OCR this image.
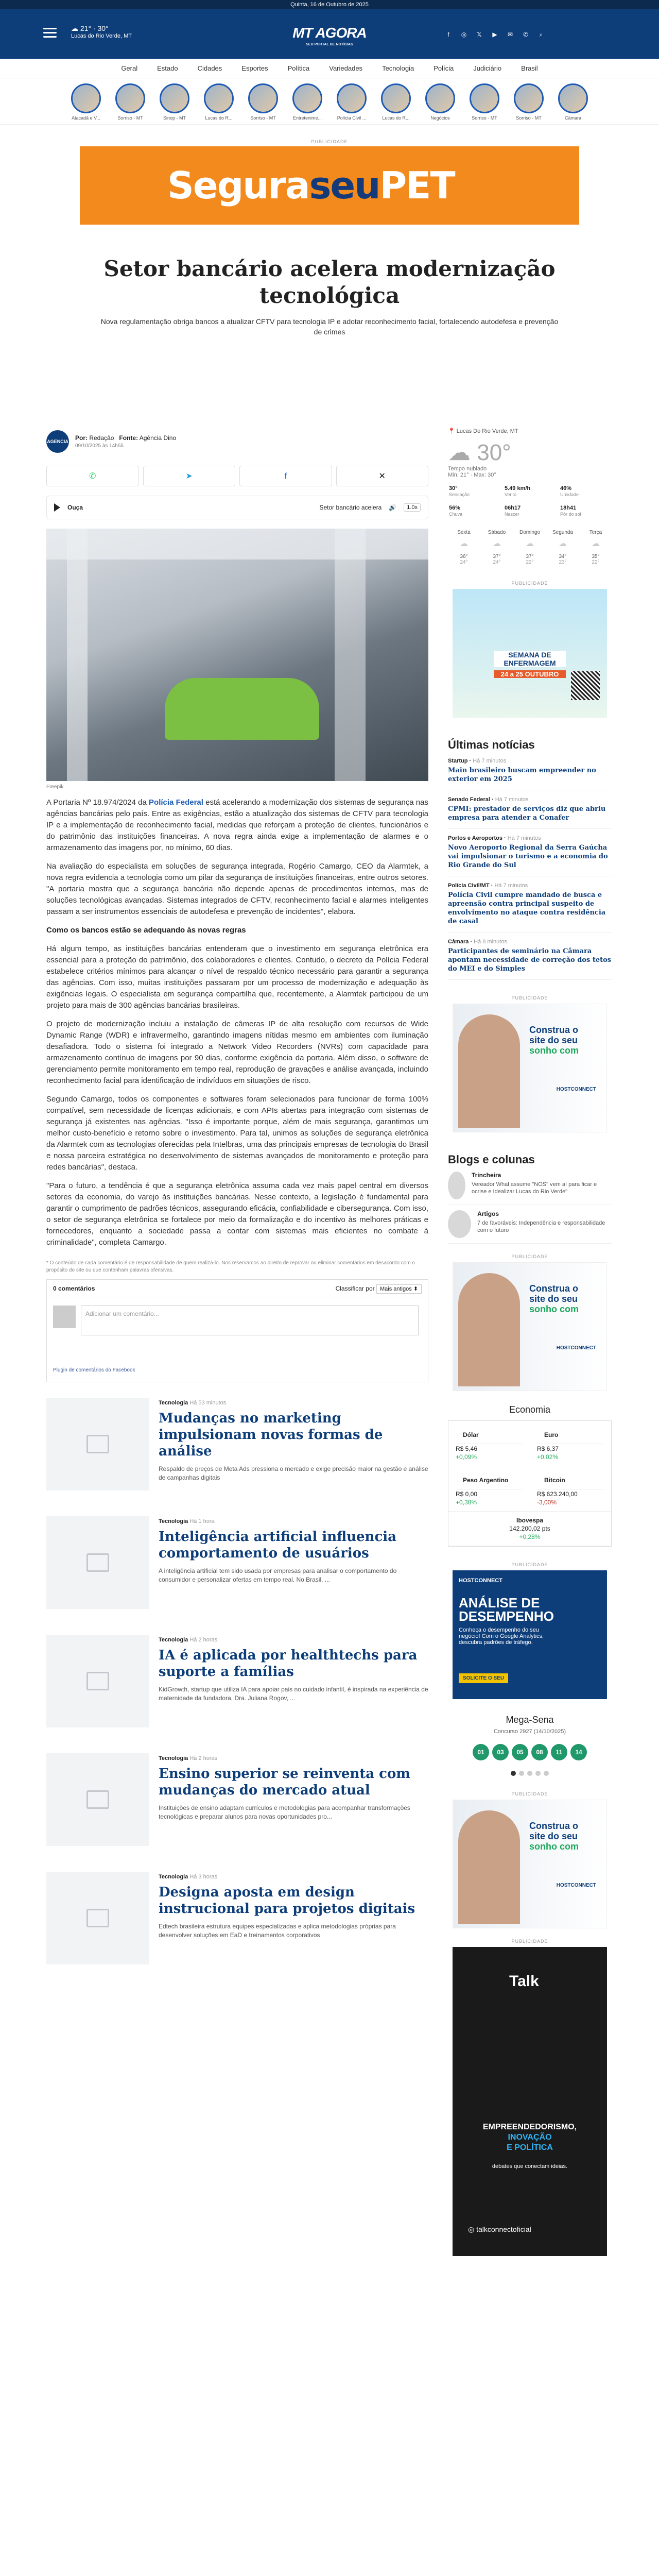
Quinta, 16 de Outubro de 2025
☁ 21° · 30°
Lucas do Rio Verde, MT	MT AGORA
SEU PORTAL DE NOTÍCIAS
f	◎	𝕏	▶	✉	✆	⌕
Geral	Estado	Cidades	Esportes	Política	Variedades	Tecnologia	Polícia	Judiciário	Brasil
Atacadã e V...	Sorriso - MT	Sinop - MT	Lucas do R...	Sorriso - MT	Entretenime...	Polícia Civil ...	Lucas do R...	Negócios	Sorriso - MT	Sorriso - MT	Câmara
PUBLICIDADE
SeguraseuPET
Setor bancário acelera modernização tecnológica

Nova regulamentação obriga bancos a atualizar CFTV para tecnologia IP e adotar reconhecimento facial, fortalecendo autodefesa e prevenção de crimes

AGENCIA Por: Redação Fonte: Agência Dino
09/10/2025 às 14h55
✆	➤	f	✕
Ouça	Setor bancário acelera 🔊	1.0x
Freepik

A Portaria Nº 18.974/2024 da Polícia Federal está acelerando a modernização dos sistemas de segurança nas agências bancárias pelo país. Entre as exigências, estão a atualização dos sistemas de CFTV para tecnologia IP e a implementação de reconhecimento facial, medidas que reforçam a proteção de clientes, funcionários e do patrimônio das instituições financeiras. A nova regra ainda exige a implementação de alarmes e o armazenamento das imagens por, no mínimo, 60 dias.

Na avaliação do especialista em soluções de segurança integrada, Rogério Camargo, CEO da Alarmtek, a nova regra evidencia a tecnologia como um pilar da segurança de instituições financeiras, entre outros setores. "A portaria mostra que a segurança bancária não depende apenas de procedimentos internos, mas de soluções tecnológicas avançadas. Sistemas integrados de CFTV, reconhecimento facial e alarmes inteligentes passam a ser instrumentos essenciais de autodefesa e prevenção de incidentes", elabora.

Como os bancos estão se adequando às novas regras

Há algum tempo, as instituições bancárias entenderam que o investimento em segurança eletrônica era essencial para a proteção do patrimônio, dos colaboradores e clientes. Contudo, o decreto da Polícia Federal estabelece critérios mínimos para alcançar o nível de respaldo técnico necessário para garantir a segurança das agências. Com isso, muitas instituições passaram por um processo de modernização e adequação às exigências legais. O especialista em segurança compartilha que, recentemente, a Alarmtek participou de um projeto para mais de 300 agências bancárias brasileiras.

O projeto de modernização incluiu a instalação de câmeras IP de alta resolução com recursos de Wide Dynamic Range (WDR) e infravermelho, garantindo imagens nítidas mesmo em ambientes com iluminação desafiadora. Todo o sistema foi integrado a Network Video Recorders (NVRs) com capacidade para armazenamento contínuo de imagens por 90 dias, conforme exigência da portaria. Além disso, o software de gerenciamento permite monitoramento em tempo real, reprodução de gravações e análise avançada, incluindo reconhecimento facial para identificação de indivíduos em situações de risco.

Segundo Camargo, todos os componentes e softwares foram selecionados para funcionar de forma 100% compatível, sem necessidade de licenças adicionais, e com APIs abertas para integração com sistemas de segurança já existentes nas agências. "Isso é importante porque, além de mais segurança, garantimos um melhor custo-benefício e retorno sobre o investimento. Para tal, unimos as soluções de segurança eletrônica da Alarmtek com as tecnologias oferecidas pela Intelbras, uma das principais empresas de tecnologia do Brasil e nossa parceira estratégica no desenvolvimento de sistemas avançados de monitoramento e proteção para redes bancárias", destaca.

"Para o futuro, a tendência é que a segurança eletrônica assuma cada vez mais papel central em diversos setores da economia, do varejo às instituições bancárias. Nesse contexto, a legislação é fundamental para garantir o cumprimento de padrões técnicos, assegurando eficácia, confiabilidade e cibersegurança. Com isso, o setor de segurança eletrônica se fortalece por meio da formalização e do incentivo às melhores práticas e fornecedores, enquanto a sociedade passa a contar com sistemas mais eficientes no combate à criminalidade", completa Camargo.

* O conteúdo de cada comentário é de responsabilidade de quem realizá-lo. Nos reservamos ao direito de reprovar ou eliminar comentários em desacordo com o propósito do site ou que contenham palavras ofensivas.
0 comentários	Classificar por Mais antigos ⬍
Adicionar um comentário...
Plugin de comentários do Facebook
Tecnologia Há 53 minutos
Mudanças no marketing impulsionam novas formas de análise

Respaldo de preços de Meta Ads pressiona o mercado e exige precisão maior na gestão e análise de campanhas digitais

Tecnologia Há 1 hora
Inteligência artificial influencia comportamento de usuários

A inteligência artificial tem sido usada por empresas para analisar o comportamento do consumidor e personalizar ofertas em tempo real. No Brasil, ...

Tecnologia Há 2 horas
IA é aplicada por healthtechs para suporte a famílias

KidGrowth, startup que utiliza IA para apoiar pais no cuidado infantil, é inspirada na experiência de maternidade da fundadora, Dra. Juliana Rogov, ...

Tecnologia Há 2 horas
Ensino superior se reinventa com mudanças do mercado atual

Instituições de ensino adaptam currículos e metodologias para acompanhar transformações tecnológicas e preparar alunos para novas oportunidades pro...

Tecnologia Há 3 horas
Designa aposta em design instrucional para projetos digitais

Edtech brasileira estrutura equipes especializadas e aplica metodologias próprias para desenvolver soluções em EaD e treinamentos corporativos

📍 Lucas Do Rio Verde, MT
☁ 30°
Tempo nublado
Min: 21° · Max: 30°
30°
Sensação
5.49 km/h
Vento
46%
Umidade
56%
Chuva
06h17
Nascer
18h41
Pôr do sol
Sexta
☁
36°
24°
Sábado
☁
37°
24°
Domingo
☁
37°
22°
Segunda
☁
34°
23°
Terça
☁
35°
22°
PUBLICIDADE
SEMANA DE ENFERMAGEM
24 a 25 OUTUBRO
Últimas notícias
Startup · Há 7 minutos
Main brasileiro buscam empreender no exterior em 2025
Senado Federal · Há 7 minutos
CPMI: prestador de serviços diz que abriu empresa para atender a Conafer
Portos e Aeroportos · Há 7 minutos
Novo Aeroporto Regional da Serra Gaúcha vai impulsionar o turismo e a economia do Rio Grande do Sul
Polícia Civil/MT · Há 7 minutos
Polícia Civil cumpre mandado de busca e apreensão contra principal suspeito de envolvimento no ataque contra residência de casal
Câmara · Há 8 minutos
Participantes de seminário na Câmara apontam necessidade de correção dos tetos do MEI e do Simples
PUBLICIDADE
Construa o
site do seu
sonho com
HOSTCONNECT
Blogs e colunas
Trincheira
Vereador Whal assume "NOS" vem aí para ficar e ocrise e Idealizar Lucas do Rio Verde"
Artigos
7 de favoráveis: Independência e responsabilidade com o futuro
PUBLICIDADE
Construa o
site do seu
sonho com
HOSTCONNECT
Economia
Dólar
R$ 5,46
+0,09%
Euro
R$ 6,37
+0,02%
Peso Argentino
R$ 0,00
+0,38%
Bitcoin
R$ 623.240,00
-3,00%
Ibovespa
142.200,02 pts
+0,28%
PUBLICIDADE
HOSTCONNECT
ANÁLISE DE
DESEMPENHO
Conheça o desempenho do seu negócio! Com o Google Analytics, descubra padrões de tráfego.
SOLICITE O SEU
Mega-Sena
Concurso 2927 (14/10/2025)
01	03	05	08	11	14
PUBLICIDADE
Construa o
site do seu
sonho com
HOSTCONNECT
PUBLICIDADE
Talk
EMPREENDEDORISMO,
INOVAÇÃO
E POLÍTICA
debates que conectam ideias.
◎ talkconnectoficial
